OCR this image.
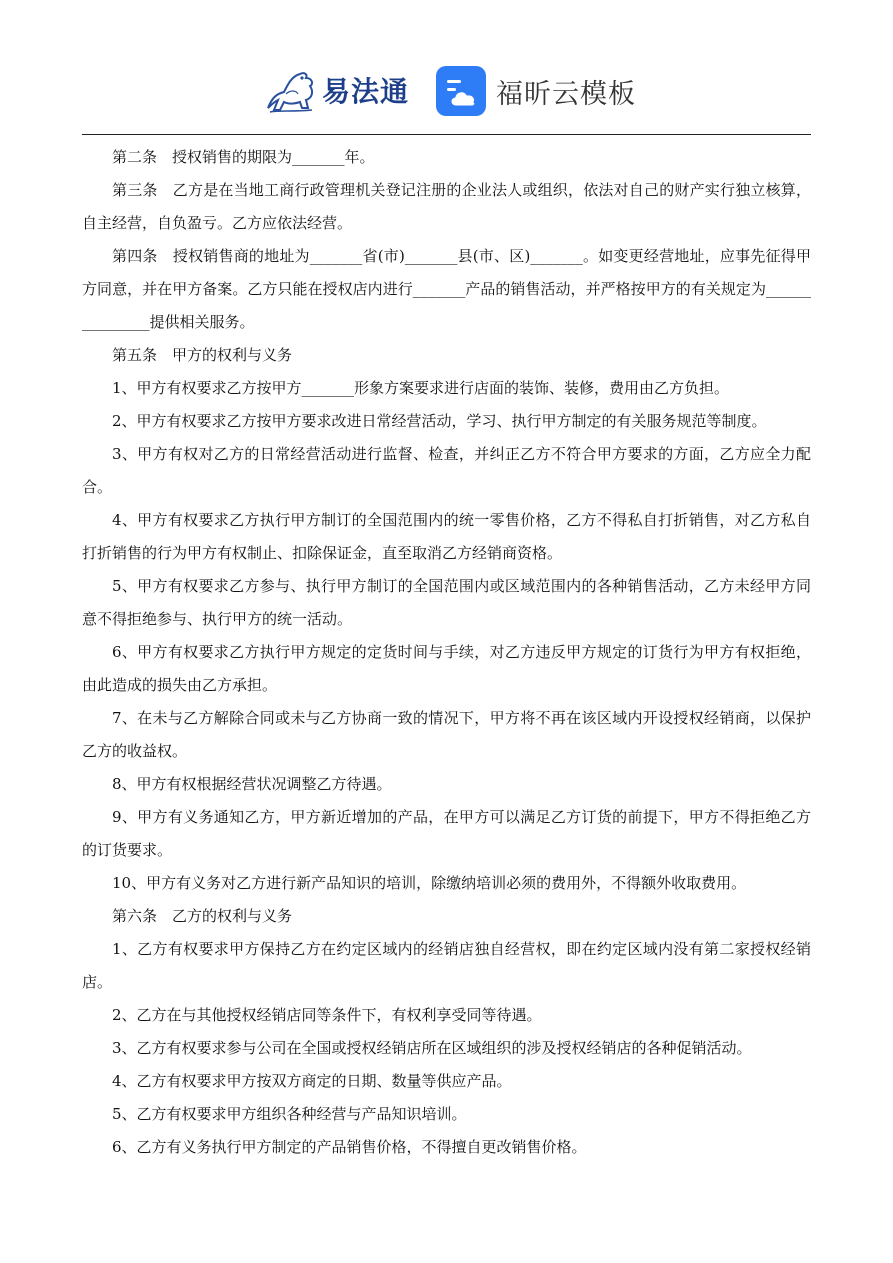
易法通	福昕云模板

第二条　授权销售的期限为_______年。

第三条　乙方是在当地工商行政管理机关登记注册的企业法人或组织，依法对自己的财产实行独立核算，自主经营，自负盈亏。乙方应依法经营。

第四条　授权销售商的地址为_______省(市)_______县(市、区)_______。如变更经营地址，应事先征得甲方同意，并在甲方备案。乙方只能在授权店内进行_______产品的销售活动，并严格按甲方的有关规定为_______________提供相关服务。

第五条　甲方的权利与义务

1、甲方有权要求乙方按甲方_______形象方案要求进行店面的装饰、装修，费用由乙方负担。

2、甲方有权要求乙方按甲方要求改进日常经营活动，学习、执行甲方制定的有关服务规范等制度。

3、甲方有权对乙方的日常经营活动进行监督、检查，并纠正乙方不符合甲方要求的方面，乙方应全力配合。

4、甲方有权要求乙方执行甲方制订的全国范围内的统一零售价格，乙方不得私自打折销售，对乙方私自打折销售的行为甲方有权制止、扣除保证金，直至取消乙方经销商资格。

5、甲方有权要求乙方参与、执行甲方制订的全国范围内或区域范围内的各种销售活动，乙方未经甲方同意不得拒绝参与、执行甲方的统一活动。

6、甲方有权要求乙方执行甲方规定的定货时间与手续，对乙方违反甲方规定的订货行为甲方有权拒绝，由此造成的损失由乙方承担。

7、在未与乙方解除合同或未与乙方协商一致的情况下，甲方将不再在该区域内开设授权经销商，以保护乙方的收益权。

8、甲方有权根据经营状况调整乙方待遇。

9、甲方有义务通知乙方，甲方新近增加的产品，在甲方可以满足乙方订货的前提下，甲方不得拒绝乙方的订货要求。

10、甲方有义务对乙方进行新产品知识的培训，除缴纳培训必须的费用外，不得额外收取费用。

第六条　乙方的权利与义务

1、乙方有权要求甲方保持乙方在约定区域内的经销店独自经营权，即在约定区域内没有第二家授权经销店。

2、乙方在与其他授权经销店同等条件下，有权利享受同等待遇。

3、乙方有权要求参与公司在全国或授权经销店所在区域组织的涉及授权经销店的各种促销活动。

4、乙方有权要求甲方按双方商定的日期、数量等供应产品。

5、乙方有权要求甲方组织各种经营与产品知识培训。

6、乙方有义务执行甲方制定的产品销售价格，不得擅自更改销售价格。
